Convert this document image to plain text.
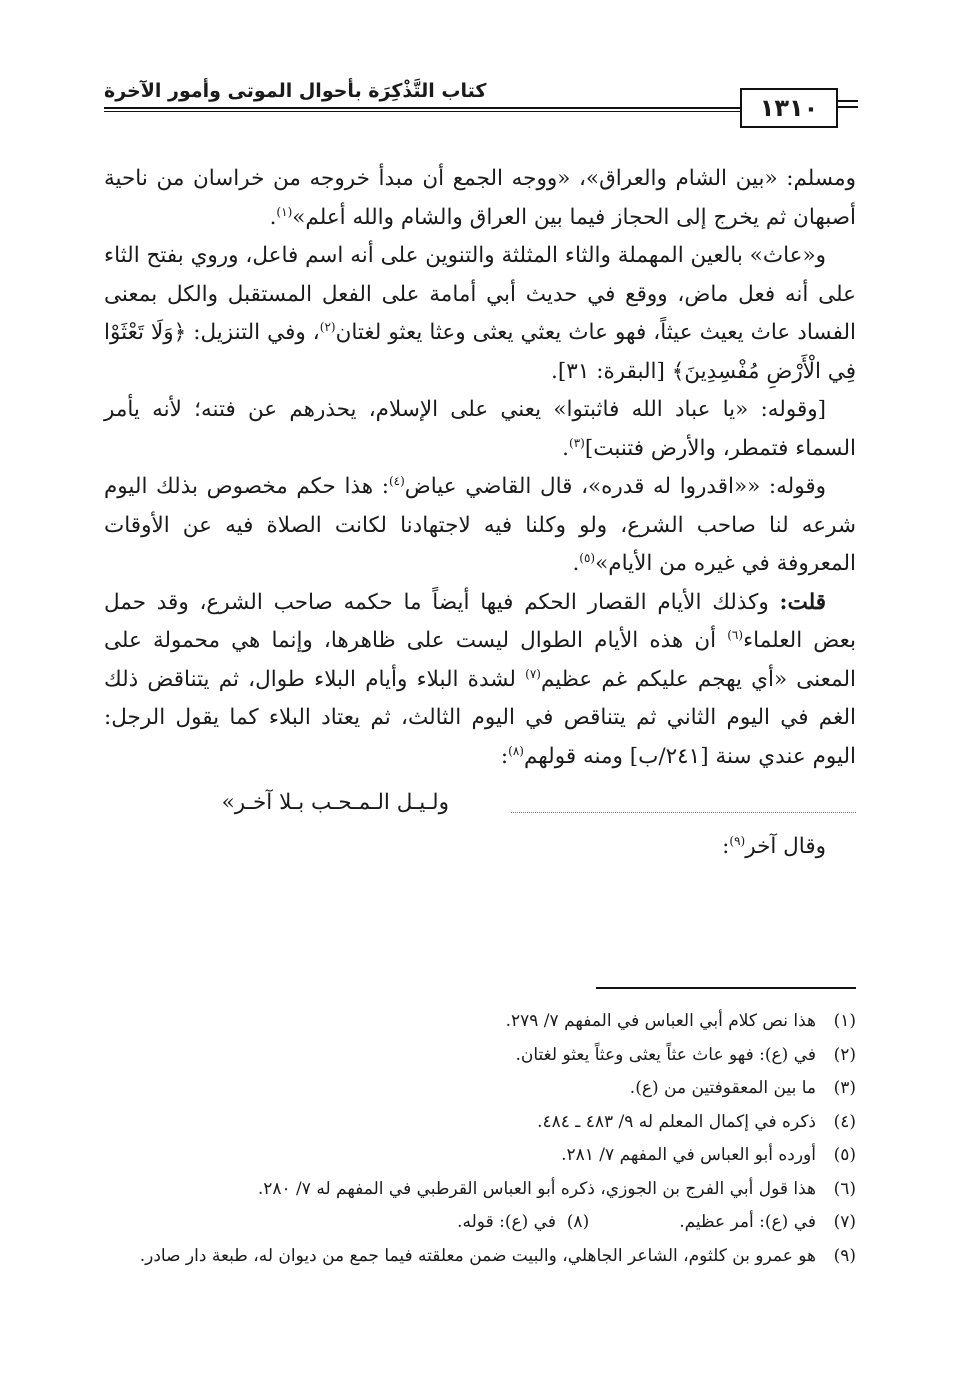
كتاب التَّذْكِرَة بأحوال الموتى وأمور الآخرة
١٣١٠

ومسلم: «بين الشام والعراق»، «ووجه الجمع أن مبدأ خروجه من خراسان من ناحية أصبهان ثم يخرج إلى الحجاز فيما بين العراق والشام والله أعلم»$^{(١)}$.

و«عاث» بالعين المهملة والثاء المثلثة والتنوين على أنه اسم فاعل، وروي بفتح الثاء على أنه فعل ماض، ووقع في حديث أبي أمامة على الفعل المستقبل والكل بمعنى الفساد عاث يعيث عيثاً، فهو عاث يعثي يعثى وعثا يعثو لغتان$^{(٢)}$، وفي التنزيل: ﴿وَلَا تَعْثَوْا فِي الْأَرْضِ مُفْسِدِينَ﴾ [البقرة: ٣١].

[وقوله: «يا عباد الله فاثبتوا» يعني على الإسلام، يحذرهم عن فتنه؛ لأنه يأمر السماء فتمطر، والأرض فتنبت]$^{(٣)}$.

وقوله: ««اقدروا له قدره»، قال القاضي عياض$^{(٤)}$: هذا حكم مخصوص بذلك اليوم شرعه لنا صاحب الشرع، ولو وكلنا فيه لاجتهادنا لكانت الصلاة فيه عن الأوقات المعروفة في غيره من الأيام»$^{(٥)}$.

قلت: وكذلك الأيام القصار الحكم فيها أيضاً ما حكمه صاحب الشرع، وقد حمل بعض العلماء$^{(٦)}$ أن هذه الأيام الطوال ليست على ظاهرها، وإنما هي محمولة على المعنى «أي يهجم عليكم غم عظيم$^{(٧)}$ لشدة البلاء وأيام البلاء طوال، ثم يتناقض ذلك الغم في اليوم الثاني ثم يتناقص في اليوم الثالث، ثم يعتاد البلاء كما يقول الرجل: اليوم عندي سنة [٢٤١/ب] ومنه قولهم$^{(٨)}$:

ولـيـل الـمـحـب بـلا آخـر»

وقال آخر$^{(٩)}$:

(١)
هذا نص كلام أبي العباس في المفهم ٧/ ٢٧٩.
(٢)
في (ع): فهو عاث عثاً يعثى وعثاً يعثو لغتان.
(٣)
ما بين المعقوفتين من (ع).
(٤)
ذكره في إكمال المعلم له ٩/ ٤٨٣ ـ ٤٨٤.
(٥)
أورده أبو العباس في المفهم ٧/ ٢٨١.
(٦)
هذا قول أبي الفرج بن الجوزي، ذكره أبو العباس القرطبي في المفهم له ٧/ ٢٨٠.
(٧)
في (ع): أمر عظيم.
(٨)

في (ع): قوله.
(٩)
هو عمرو بن كلثوم، الشاعر الجاهلي، والبيت ضمن معلقته فيما جمع من ديوان له، طبعة دار صادر.
